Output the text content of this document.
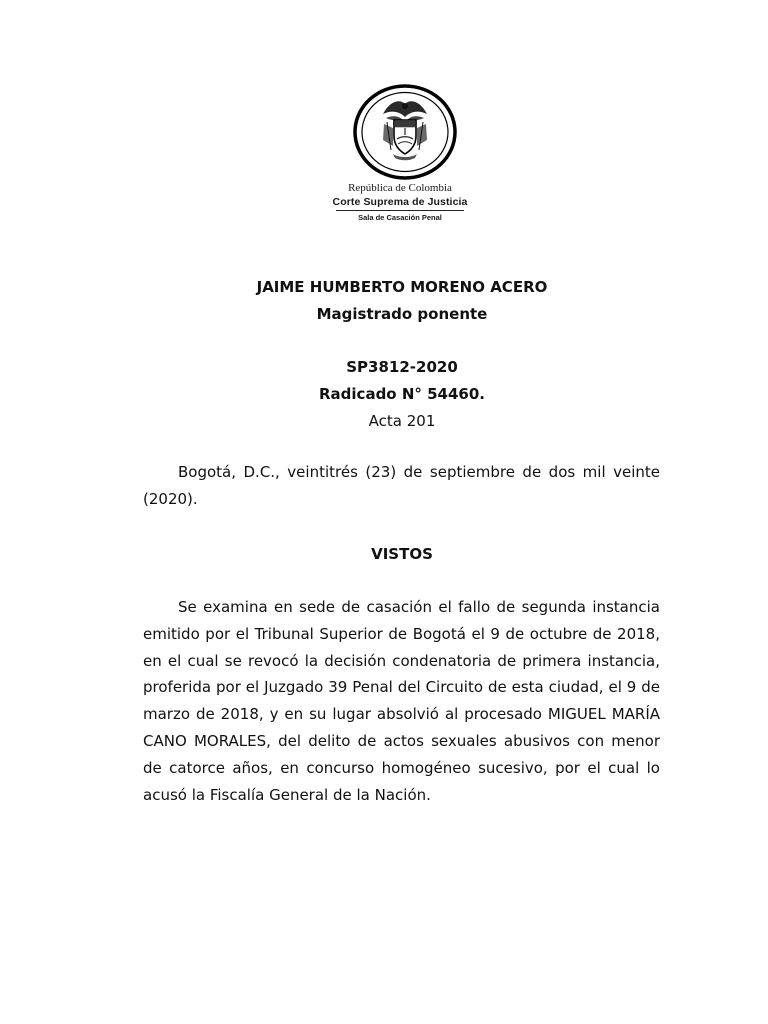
República de Colombia
Corte Suprema de Justicia
Sala de Casación Penal
JAIME HUMBERTO MORENO ACERO
Magistrado ponente
SP3812-2020
Radicado N° 54460.
Acta 201

Bogotá, D.C., veintitrés (23) de septiembre de dos mil veinte (2020).

VISTOS

Se examina en sede de casación el fallo de segunda instancia emitido por el Tribunal Superior de Bogotá el 9 de octubre de 2018, en el cual se revocó la decisión condenatoria de primera instancia, proferida por el Juzgado 39 Penal del Circuito de esta ciudad, el 9 de marzo de 2018, y en su lugar absolvió al procesado MIGUEL MARÍA CANO MORALES, del delito de actos sexuales abusivos con menor de catorce años, en concurso homogéneo sucesivo, por el cual lo acusó la Fiscalía General de la Nación.
